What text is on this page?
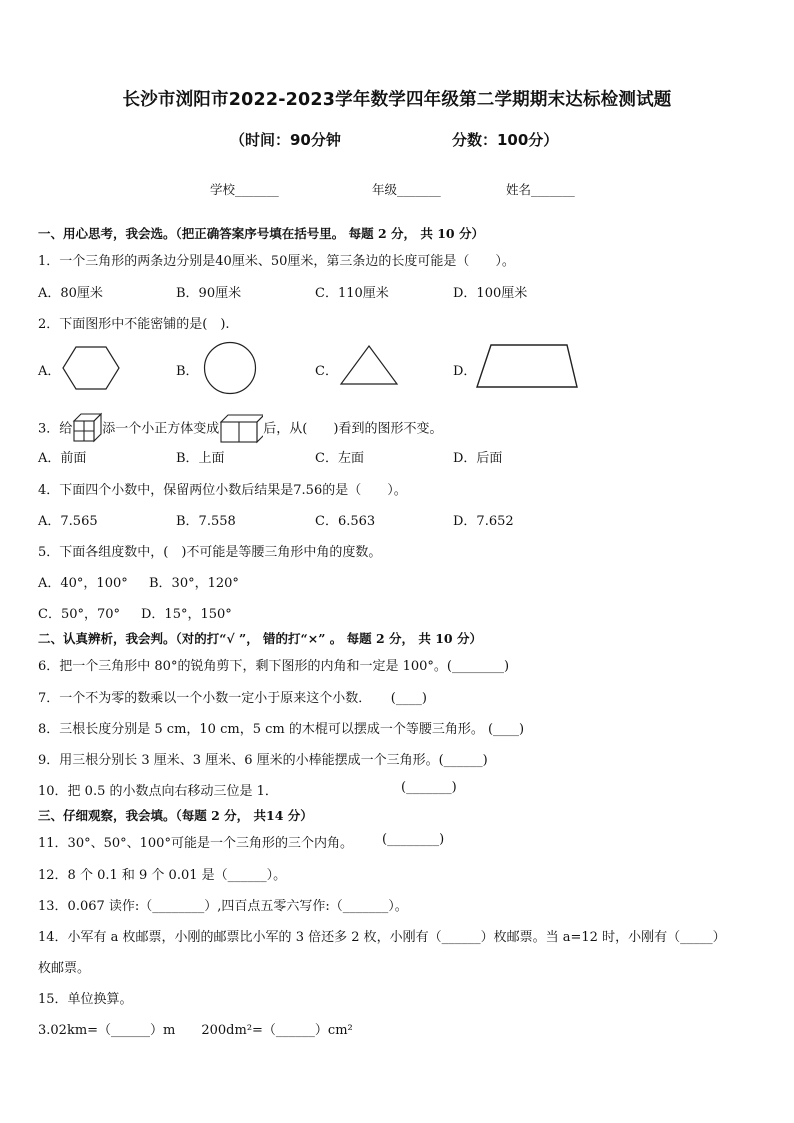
长沙市浏阳市2022-2023学年数学四年级第二学期期末达标检测试题
（时间：90分钟	分数：100分）
学校_______	年级_______	姓名_______
一、用心思考，我会选。（把正确答案序号填在括号里。 每题 2 分， 共 10 分）
1．一个三角形的两条边分别是40厘米、50厘米，第三条边的长度可能是（　　）。
A．80厘米	B．90厘米	C．110厘米	D．100厘米
2．下面图形中不能密铺的是(　).
A．	B．	C．	D．
3．给 添一个小正方体变成	后，从(　　)看到的图形不变。
A．前面	B．上面	C．左面	D．后面
4．下面四个小数中，保留两位小数后结果是7.56的是（　　）。
A．7.565	B．7.558	C．6.563	D．7.652
5．下面各组度数中，(　)不可能是等腰三角形中角的度数。
A．40°，100° B．30°，120°
C．50°，70° D．15°，150°
二、认真辨析，我会判。（对的打“√ ”， 错的打“×” 。 每题 2 分， 共 10 分）
6．把一个三角形中 80°的锐角剪下，剩下图形的内角和一定是 100°。(________)
7．一个不为零的数乘以一个小数一定小于原来这个小数．　　(____)
8．三根长度分别是 5 cm，10 cm，5 cm 的木棍可以摆成一个等腰三角形。 (____)
9．用三根分别长 3 厘米、3 厘米、6 厘米的小棒能摆成一个三角形。(______)
10．把 0.5 的小数点向右移动三位是 1．	(_______)
三、仔细观察，我会填。（每题 2 分， 共14 分）
11．30°、50°、100°可能是一个三角形的三个内角。 (________)
12．8 个 0.1 和 9 个 0.01 是（______）。
13．0.067 读作:（________）,四百点五零六写作:（_______）。
14．小军有 a 枚邮票，小刚的邮票比小军的 3 倍还多 2 枚，小刚有（______）枚邮票。当 a=12 时，小刚有（_____）
枚邮票。
15．单位换算。
3.02km=（______）m　　200dm²=（______）cm²
